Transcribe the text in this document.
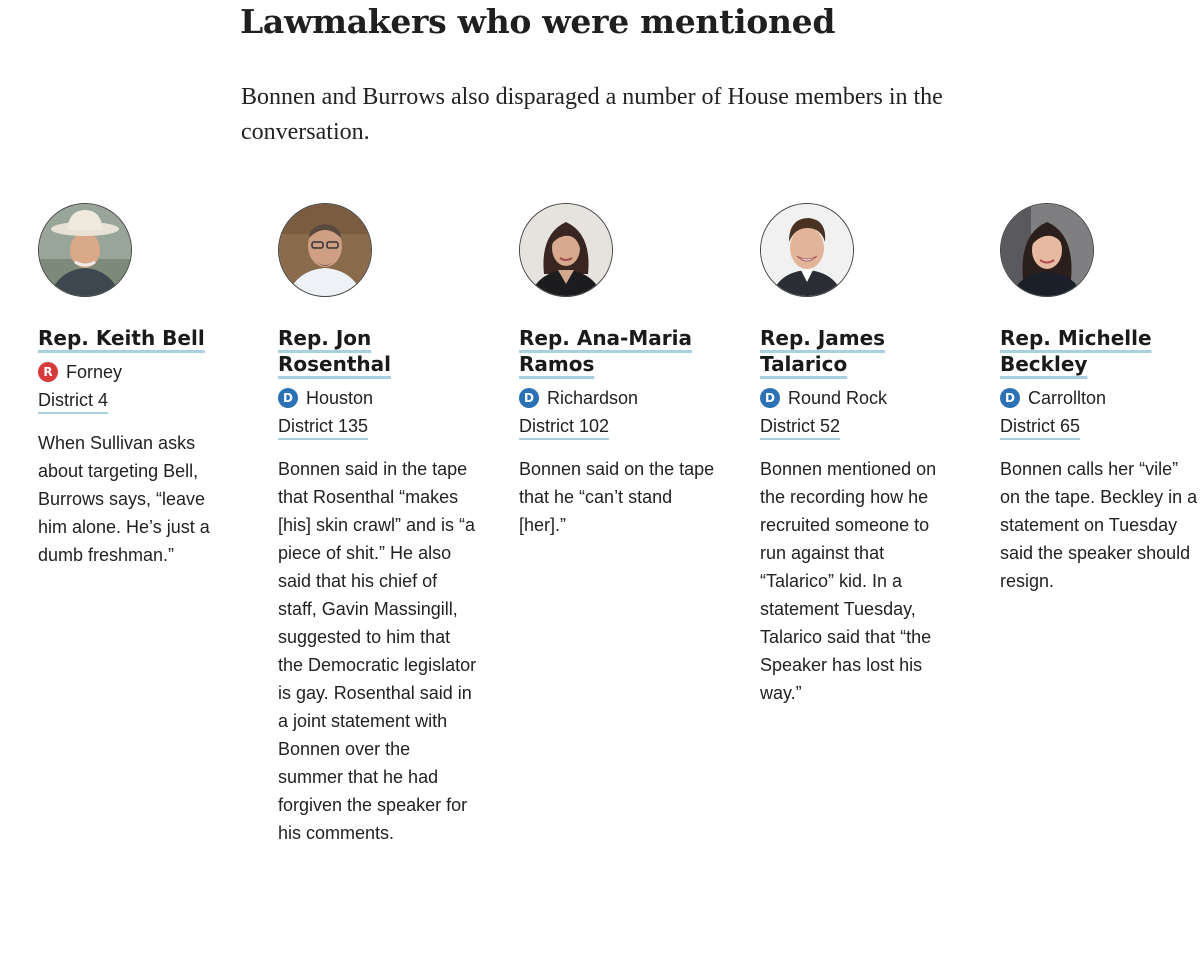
Lawmakers who were mentioned

Bonnen and Burrows also disparaged a number of House members in the conversation.

Rep. Keith Bell
R Forney
District 4

When Sullivan asks about targeting Bell, Burrows says, “leave him alone. He’s just a dumb freshman.”

Rep. Jon Rosenthal
D Houston
District 135

Bonnen said in the tape that Rosenthal “makes [his] skin crawl” and is “a piece of shit.” He also said that his chief of staff, Gavin Massingill, suggested to him that the Democratic legislator is gay. Rosenthal said in a joint statement with Bonnen over the summer that he had forgiven the speaker for his comments.

Rep. Ana-Maria Ramos
D Richardson
District 102

Bonnen said on the tape that he “can’t stand [her].”

Rep. James Talarico
D Round Rock
District 52

Bonnen mentioned on the recording how he recruited someone to run against that “Talarico” kid. In a statement Tuesday, Talarico said that “the Speaker has lost his way.”

Rep. Michelle Beckley
D Carrollton
District 65

Bonnen calls her “vile” on the tape. Beckley in a statement on Tuesday said the speaker should resign.
